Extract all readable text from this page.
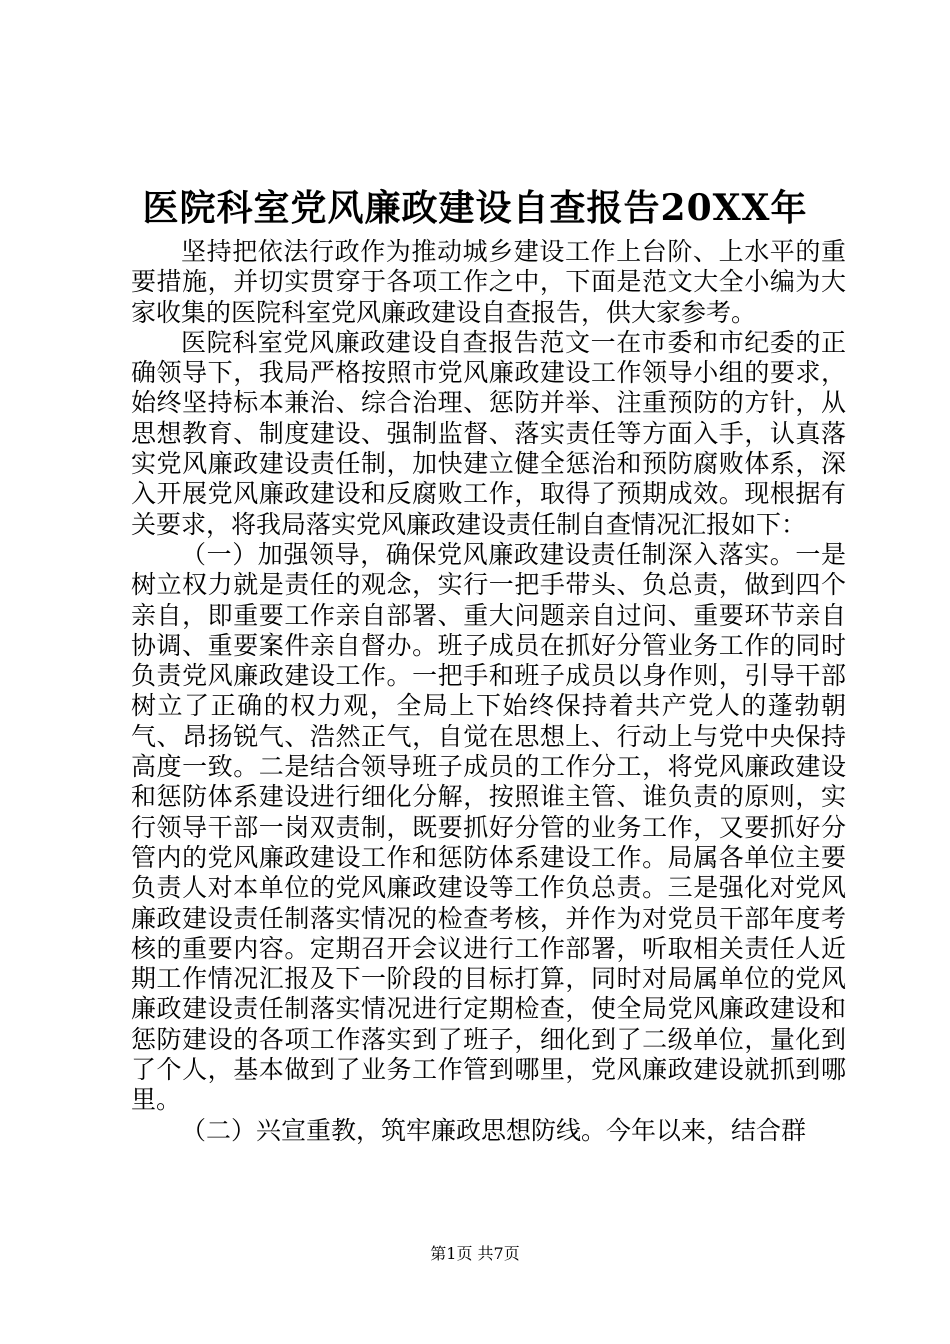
医院科室党风廉政建设自查报告20XX年

坚持把依法行政作为推动城乡建设工作上台阶、上水平的重要措施，并切实贯穿于各项工作之中，下面是范文大全小编为大家收集的医院科室党风廉政建设自查报告，供大家参考。

医院科室党风廉政建设自查报告范文一在市委和市纪委的正确领导下，我局严格按照市党风廉政建设工作领导小组的要求，始终坚持标本兼治、综合治理、惩防并举、注重预防的方针，从思想教育、制度建设、强制监督、落实责任等方面入手，认真落实党风廉政建设责任制，加快建立健全惩治和预防腐败体系，深入开展党风廉政建设和反腐败工作，取得了预期成效。现根据有关要求，将我局落实党风廉政建设责任制自查情况汇报如下：

（一）加强领导，确保党风廉政建设责任制深入落实。一是树立权力就是责任的观念，实行一把手带头、负总责，做到四个亲自，即重要工作亲自部署、重大问题亲自过问、重要环节亲自协调、重要案件亲自督办。班子成员在抓好分管业务工作的同时负责党风廉政建设工作。一把手和班子成员以身作则，引导干部树立了正确的权力观，全局上下始终保持着共产党人的蓬勃朝气、昂扬锐气、浩然正气，自觉在思想上、行动上与党中央保持高度一致。二是结合领导班子成员的工作分工，将党风廉政建设和惩防体系建设进行细化分解，按照谁主管、谁负责的原则，实行领导干部一岗双责制，既要抓好分管的业务工作，又要抓好分管内的党风廉政建设工作和惩防体系建设工作。局属各单位主要负责人对本单位的党风廉政建设等工作负总责。三是强化对党风廉政建设责任制落实情况的检查考核，并作为对党员干部年度考核的重要内容。定期召开会议进行工作部署，听取相关责任人近期工作情况汇报及下一阶段的目标打算，同时对局属单位的党风廉政建设责任制落实情况进行定期检查，使全局党风廉政建设和惩防建设的各项工作落实到了班子，细化到了二级单位，量化到了个人，基本做到了业务工作管到哪里，党风廉政建设就抓到哪里。

（二）兴宣重教，筑牢廉政思想防线。今年以来，结合群

第1页 共7页
